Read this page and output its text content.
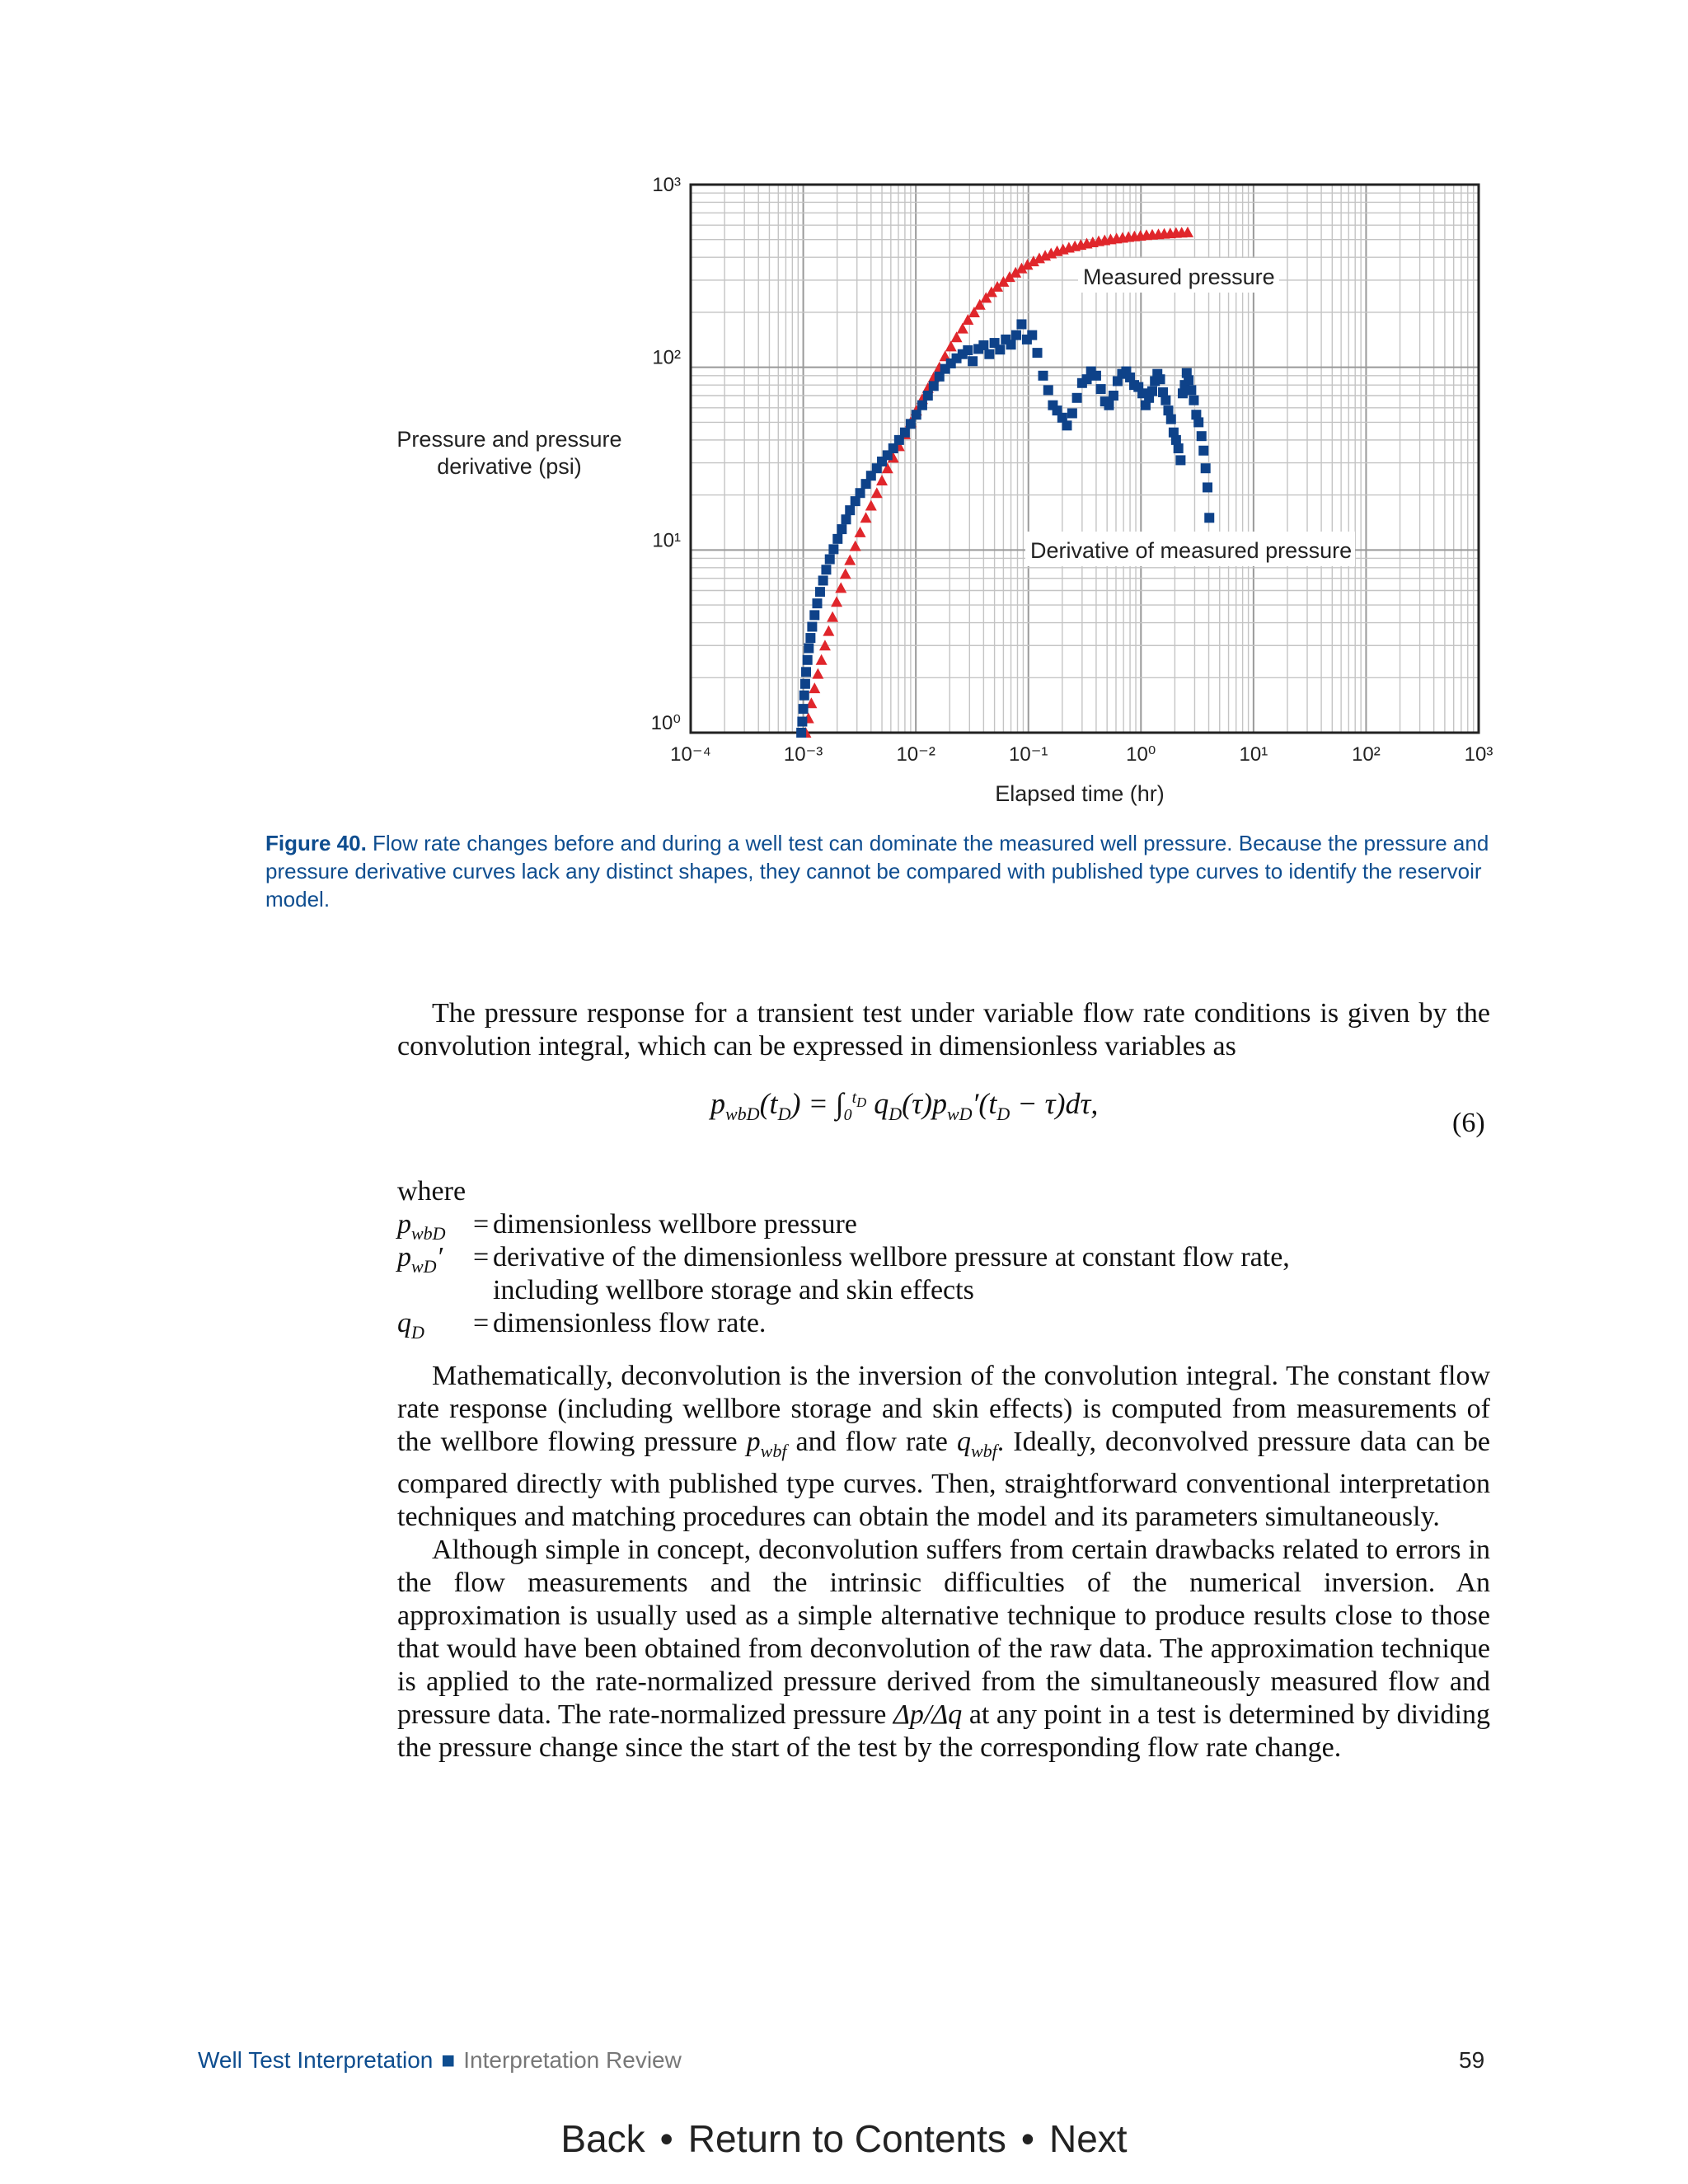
10⁻⁴	10⁻³	10⁻²	10⁻¹	10⁰	10¹	10²	10³
10⁰
10¹
10²
10³
Measured pressure
Derivative of measured pressure
Pressure and pressure
derivative (psi)
Elapsed time (hr)
Figure 40. Flow rate changes before and during a well test can dominate the measured well pressure. Because the pressure and pressure derivative curves lack any distinct shapes, they cannot be compared with published type curves to identify the reservoir model.

The pressure response for a transient test under variable flow rate conditions is given by the convolution integral, which can be expressed in dimensionless variables as

$p_{wbD}(t_D) = \int_0^{t_D}$ $q_D(\tau)p_{wD}'(t_D - \tau)d\tau$,
(6)
where
$p_{wbD}$ = dimensionless wellbore pressure
$p_{wD}'$ = derivative of the dimensionless wellbore pressure at constant flow rate,
including wellbore storage and skin effects
$q_D$ = dimensionless flow rate.

Mathematically, deconvolution is the inversion of the convolution integral. The constant flow rate response (including wellbore storage and skin effects) is computed from measurements of the wellbore flowing pressure $p_{wbf}$ and flow rate $q_{wbf}$. Ideally, deconvolved pressure data can be compared directly with published type curves. Then, straightforward conventional interpretation techniques and matching procedures can obtain the model and its parameters simultaneously.

Although simple in concept, deconvolution suffers from certain drawbacks related to errors in the flow measurements and the intrinsic difficulties of the numerical inversion. An approximation is usually used as a simple alternative technique to produce results close to those that would have been obtained from deconvolution of the raw data. The approximation technique is applied to the rate-normalized pressure derived from the simultaneously measured flow and pressure data. The rate-normalized pressure Δp/Δq at any point in a test is determined by dividing the pressure change since the start of the test by the corresponding flow rate change.

Well Test Interpretation ■ Interpretation Review	59
Back • Return to Contents • Next
